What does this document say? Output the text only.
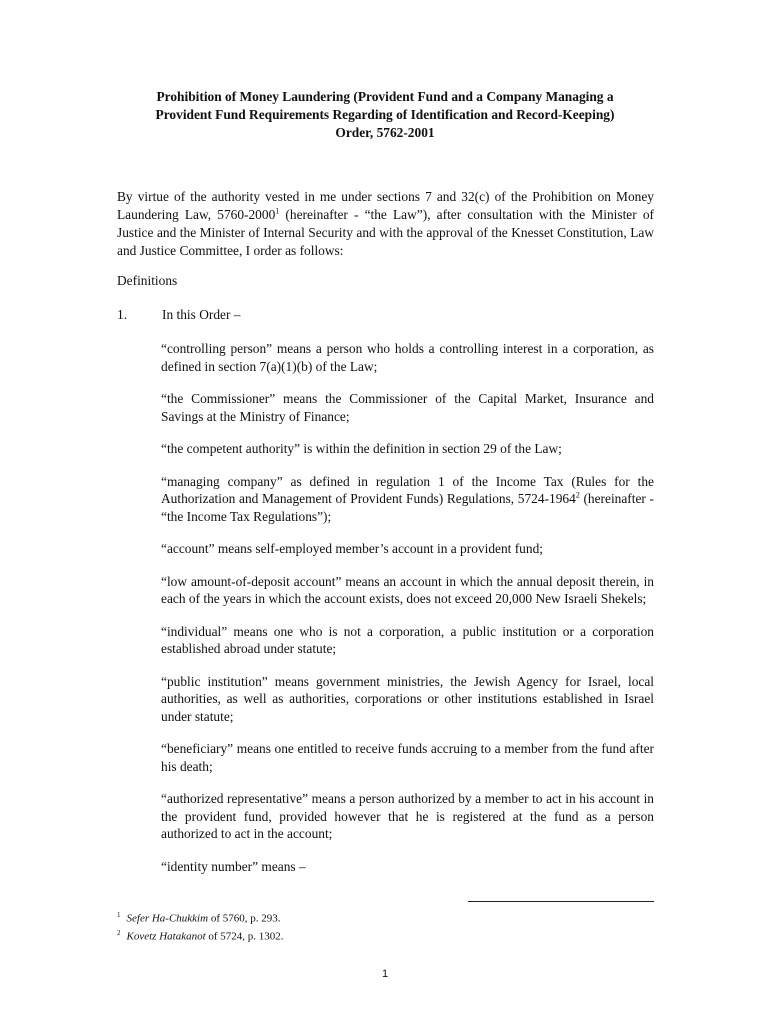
Prohibition of Money Laundering (Provident Fund and a Company Managing a
Provident Fund Requirements Regarding of Identification and Record-Keeping)
Order, 5762-2001
By virtue of the authority vested in me under sections 7 and 32(c) of the Prohibition on Money Laundering Law, 5760-2000$^1$ (hereinafter - “the Law”), after consultation with the Minister of Justice and the Minister of Internal Security and with the approval of the Knesset Constitution, Law and Justice Committee, I order as follows:
Definitions
1.	In this Order –

“controlling person” means a person who holds a controlling interest in a corporation, as defined in section 7(a)(1)(b) of the Law;

“the Commissioner” means the Commissioner of the Capital Market, Insurance and Savings at the Ministry of Finance;

“the competent authority” is within the definition in section 29 of the Law;

“managing company” as defined in regulation 1 of the Income Tax (Rules for the Authorization and Management of Provident Funds) Regulations, 5724-1964$^2$ (hereinafter - “the Income Tax Regulations”);

“account” means self-employed member’s account in a provident fund;

“low amount-of-deposit account” means an account in which the annual deposit therein, in each of the years in which the account exists, does not exceed 20,000 New Israeli Shekels;

“individual” means one who is not a corporation, a public institution or a corporation established abroad under statute;

“public institution” means government ministries, the Jewish Agency for Israel, local authorities, as well as authorities, corporations or other institutions established in Israel under statute;

“beneficiary” means one entitled to receive funds accruing to a member from the fund after his death;

“authorized representative” means a person authorized by a member to act in his account in the provident fund, provided however that he is registered at the fund as a person authorized to act in the account;

“identity number” means –

$^1$ Sefer Ha-Chukkim of 5760, p. 293.
$^2$ Kovetz Hatakanot of 5724, p. 1302.
1
